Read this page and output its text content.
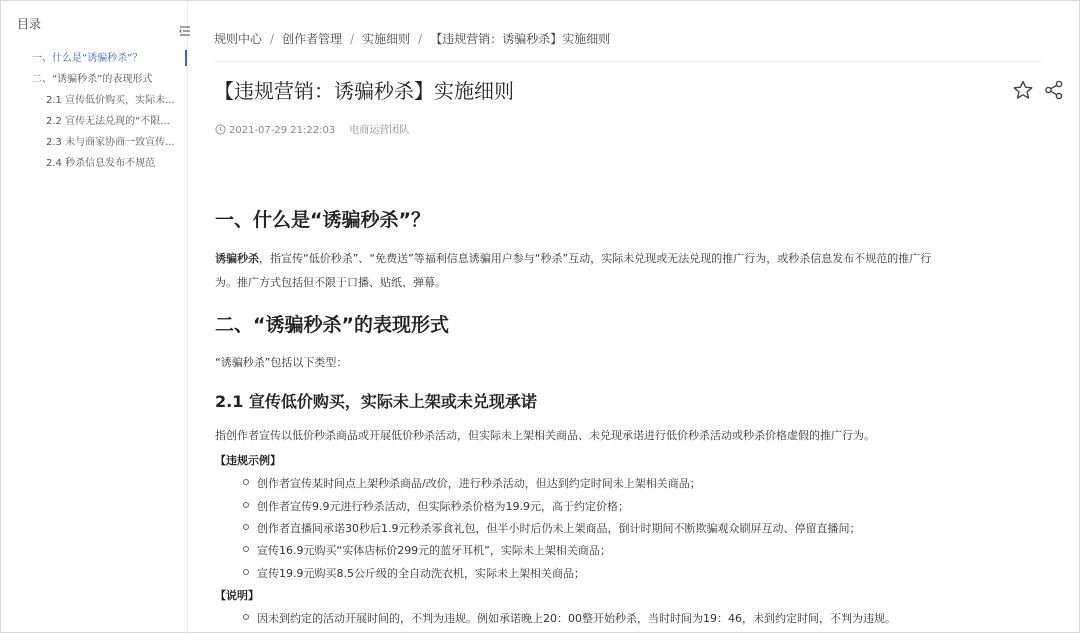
目录
一、什么是“诱骗秒杀”？
二、“诱骗秒杀”的表现形式
2.1 宣传低价购买，实际未...
2.2 宣传无法兑现的“不限...
2.3 未与商家协商一致宣传...
2.4 秒杀信息发布不规范
规则中心 / 创作者管理 / 实施细则 / 【违规营销：诱骗秒杀】实施细则
【违规营销：诱骗秒杀】实施细则

2021-07-29 21:22:03 电商运营团队
一、什么是“诱骗秒杀”？
诱骗秒杀，指宣传“低价秒杀”、“免费送”等福利信息诱骗用户参与“秒杀”互动，实际未兑现或无法兑现的推广行为，或秒杀信息发布不规范的推广行
为。推广方式包括但不限于口播、贴纸、弹幕。
二、“诱骗秒杀”的表现形式
“诱骗秒杀”包括以下类型：
2.1 宣传低价购买，实际未上架或未兑现承诺
指创作者宣传以低价秒杀商品或开展低价秒杀活动，但实际未上架相关商品、未兑现承诺进行低价秒杀活动或秒杀价格虚假的推广行为。
【违规示例】
创作者宣传某时间点上架秒杀商品/改价，进行秒杀活动，但达到约定时间未上架相关商品；
创作者宣传9.9元进行秒杀活动，但实际秒杀价格为19.9元，高于约定价格；
创作者直播间承诺30秒后1.9元秒杀零食礼包，但半小时后仍未上架商品，倒计时期间不断欺骗观众刷屏互动、停留直播间；
宣传16.9元购买“实体店标价299元的蓝牙耳机”，实际未上架相关商品；
宣传19.9元购买8.5公斤级的全自动洗衣机，实际未上架相关商品；
【说明】
因未到约定的活动开展时间的，不判为违规。例如承诺晚上20：00整开始秒杀，当时时间为19：46，未到约定时间，不判为违规。
